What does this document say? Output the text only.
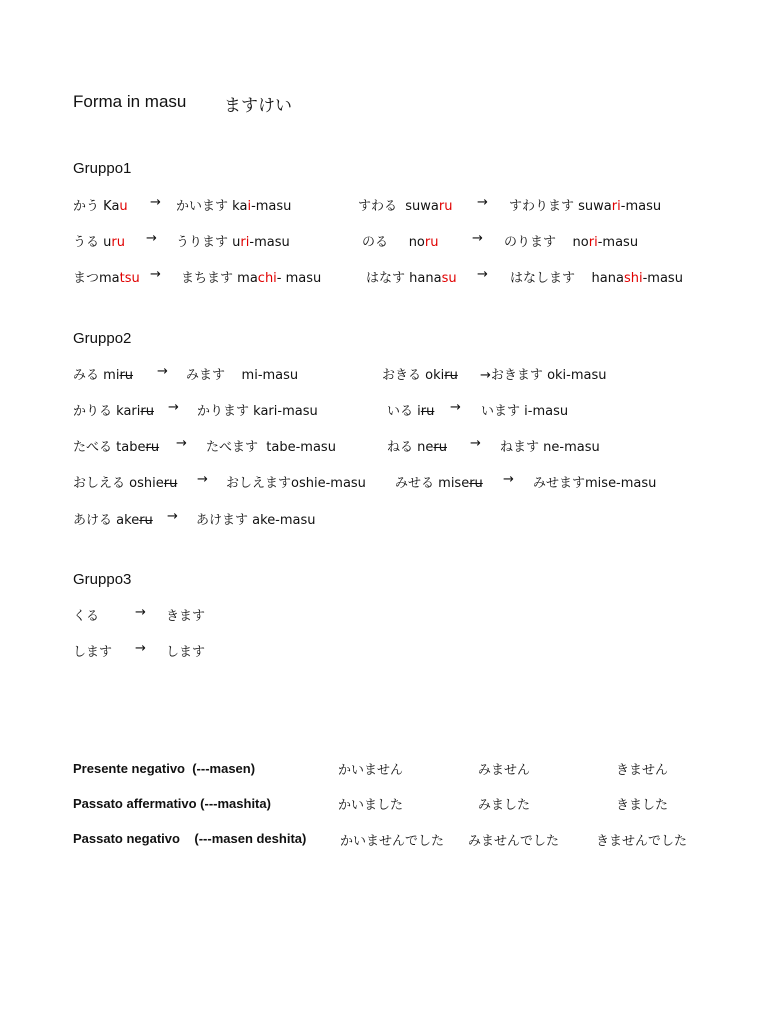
Forma in masu ますけい
Gruppo1
かう Kau → かいます kai-masu	すわる suwaru → すわります suwari-masu
うる uru → うります uri-masu	のる noru	→ のります nori-masu
まつmatsu → まちます machi- masu	はなす hanasu → はなします hanashi-masu
Gruppo2
みる miru → みます mi-masu	おきる okiru →おきます oki-masu
かりる kariru → かります kari-masu	いる iru → います i-masu
たべる taberu → たべます tabe-masu	ねる neru → ねます ne-masu
おしえる oshieru → おしえますoshie-masu みせる miseru → みせますmise-masu
あける akeru → あけます ake-masu
Gruppo3
くる	→ きます
します → します
Presente negativo  (---masen)	かいません	みません	きません
Passato affermativo (---mashita)	かいました	みました	きました
Passato negativo    (---masen deshita)	かいませんでした みませんでした	きませんでした
